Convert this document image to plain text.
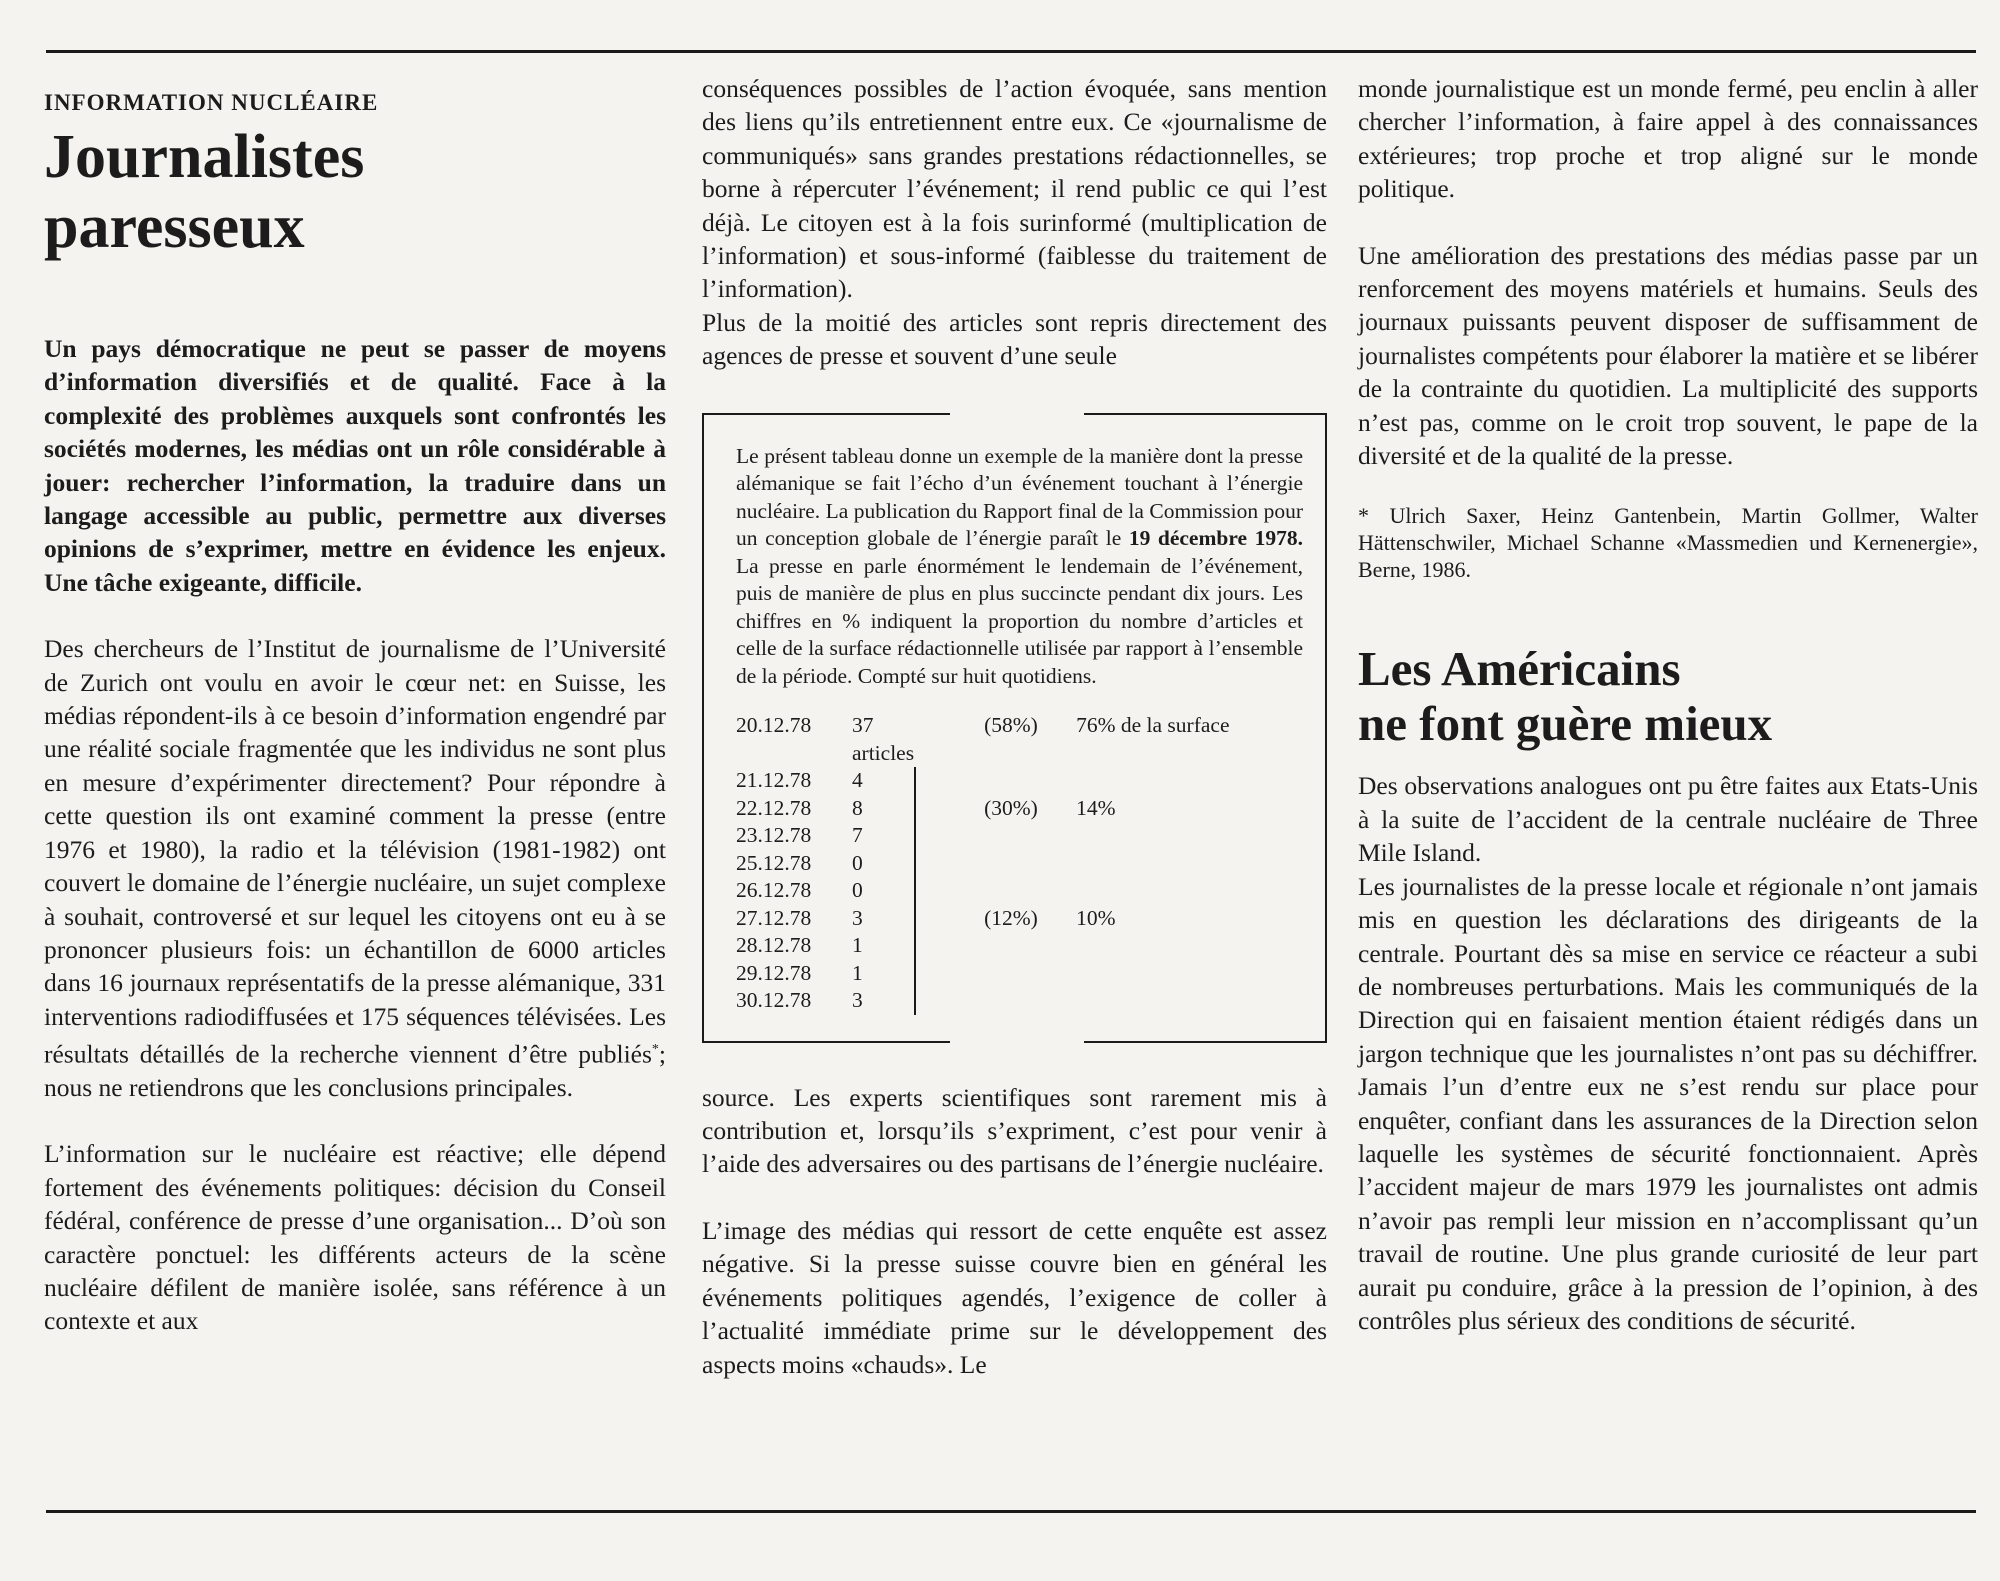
INFORMATION NUCLÉAIRE
Journalistes
paresseux

Un pays démocratique ne peut se passer de moyens d’information diversifiés et de qualité. Face à la complexité des problèmes auxquels sont confrontés les sociétés modernes, les médias ont un rôle considérable à jouer: rechercher l’information, la traduire dans un langage accessible au public, permettre aux diverses opinions de s’exprimer, mettre en évidence les enjeux. Une tâche exigeante, difficile.

Des chercheurs de l’Institut de journalisme de l’Université de Zurich ont voulu en avoir le cœur net: en Suisse, les médias répondent-ils à ce besoin d’information engendré par une réalité sociale fragmentée que les individus ne sont plus en mesure d’expérimenter directement? Pour répondre à cette question ils ont examiné comment la presse (entre 1976 et 1980), la radio et la télévision (1981-1982) ont couvert le domaine de l’énergie nucléaire, un sujet complexe à souhait, controversé et sur lequel les citoyens ont eu à se prononcer plusieurs fois: un échantillon de 6000 articles dans 16 journaux représentatifs de la presse alémanique, 331 interventions radiodiffusées et 175 séquences télévisées. Les résultats détaillés de la recherche viennent d’être publiés*; nous ne retiendrons que les conclusions principales.

L’information sur le nucléaire est réactive; elle dépend fortement des événements politiques: décision du Conseil fédéral, conférence de presse d’une organisation... D’où son caractère ponctuel: les différents acteurs de la scène nucléaire défilent de manière isolée, sans référence à un contexte et aux

conséquences possibles de l’action évoquée, sans mention des liens qu’ils entretiennent entre eux. Ce «journalisme de communiqués» sans grandes prestations rédactionnelles, se borne à répercuter l’événement; il rend public ce qui l’est déjà. Le citoyen est à la fois surinformé (multiplication de l’information) et sous-informé (faiblesse du traitement de l’information).

Plus de la moitié des articles sont repris directement des agences de presse et souvent d’une seule

Le présent tableau donne un exemple de la manière dont la presse alémanique se fait l’écho d’un événement touchant à l’énergie nucléaire. La publication du Rapport final de la Commission pour un conception globale de l’énergie paraît le 19 décembre 1978. La presse en parle énormément le lendemain de l’événement, puis de manière de plus en plus succincte pendant dix jours. Les chiffres en % indiquent la proportion du nombre d’articles et celle de la surface rédactionnelle utilisée par rapport à l’ensemble de la période. Compté sur huit quotidiens.
20.12.78	37 articles		(58%)	76% de la surface
21.12.78	4	

22.12.78	8		(30%)	14%
23.12.78	7	

25.12.78	0	

26.12.78	0	

27.12.78	3		(12%)	10%
28.12.78	1	

29.12.78	1	

30.12.78	3	

source. Les experts scientifiques sont rarement mis à contribution et, lorsqu’ils s’expriment, c’est pour venir à l’aide des adversaires ou des partisans de l’énergie nucléaire.

L’image des médias qui ressort de cette enquête est assez négative. Si la presse suisse couvre bien en général les événements politiques agendés, l’exigence de coller à l’actualité immédiate prime sur le développement des aspects moins «chauds». Le

monde journalistique est un monde fermé, peu enclin à aller chercher l’information, à faire appel à des connaissances extérieures; trop proche et trop aligné sur le monde politique.

Une amélioration des prestations des médias passe par un renforcement des moyens matériels et humains. Seuls des journaux puissants peuvent disposer de suffisamment de journalistes compétents pour élaborer la matière et se libérer de la contrainte du quotidien. La multiplicité des supports n’est pas, comme on le croit trop souvent, le pape de la diversité et de la qualité de la presse.

* Ulrich Saxer, Heinz Gantenbein, Martin Gollmer, Walter Hättenschwiler, Michael Schanne «Massmedien und Kernenergie», Berne, 1986.

Les Américains
ne font guère mieux

Des observations analogues ont pu être faites aux Etats-Unis à la suite de l’accident de la centrale nucléaire de Three Mile Island.

Les journalistes de la presse locale et régionale n’ont jamais mis en question les déclarations des dirigeants de la centrale. Pourtant dès sa mise en service ce réacteur a subi de nombreuses perturbations. Mais les communiqués de la Direction qui en faisaient mention étaient rédigés dans un jargon technique que les journalistes n’ont pas su déchiffrer. Jamais l’un d’entre eux ne s’est rendu sur place pour enquêter, confiant dans les assurances de la Direction selon laquelle les systèmes de sécurité fonctionnaient. Après l’accident majeur de mars 1979 les journalistes ont admis n’avoir pas rempli leur mission en n’accomplissant qu’un travail de routine. Une plus grande curiosité de leur part aurait pu conduire, grâce à la pression de l’opinion, à des contrôles plus sérieux des conditions de sécurité.
